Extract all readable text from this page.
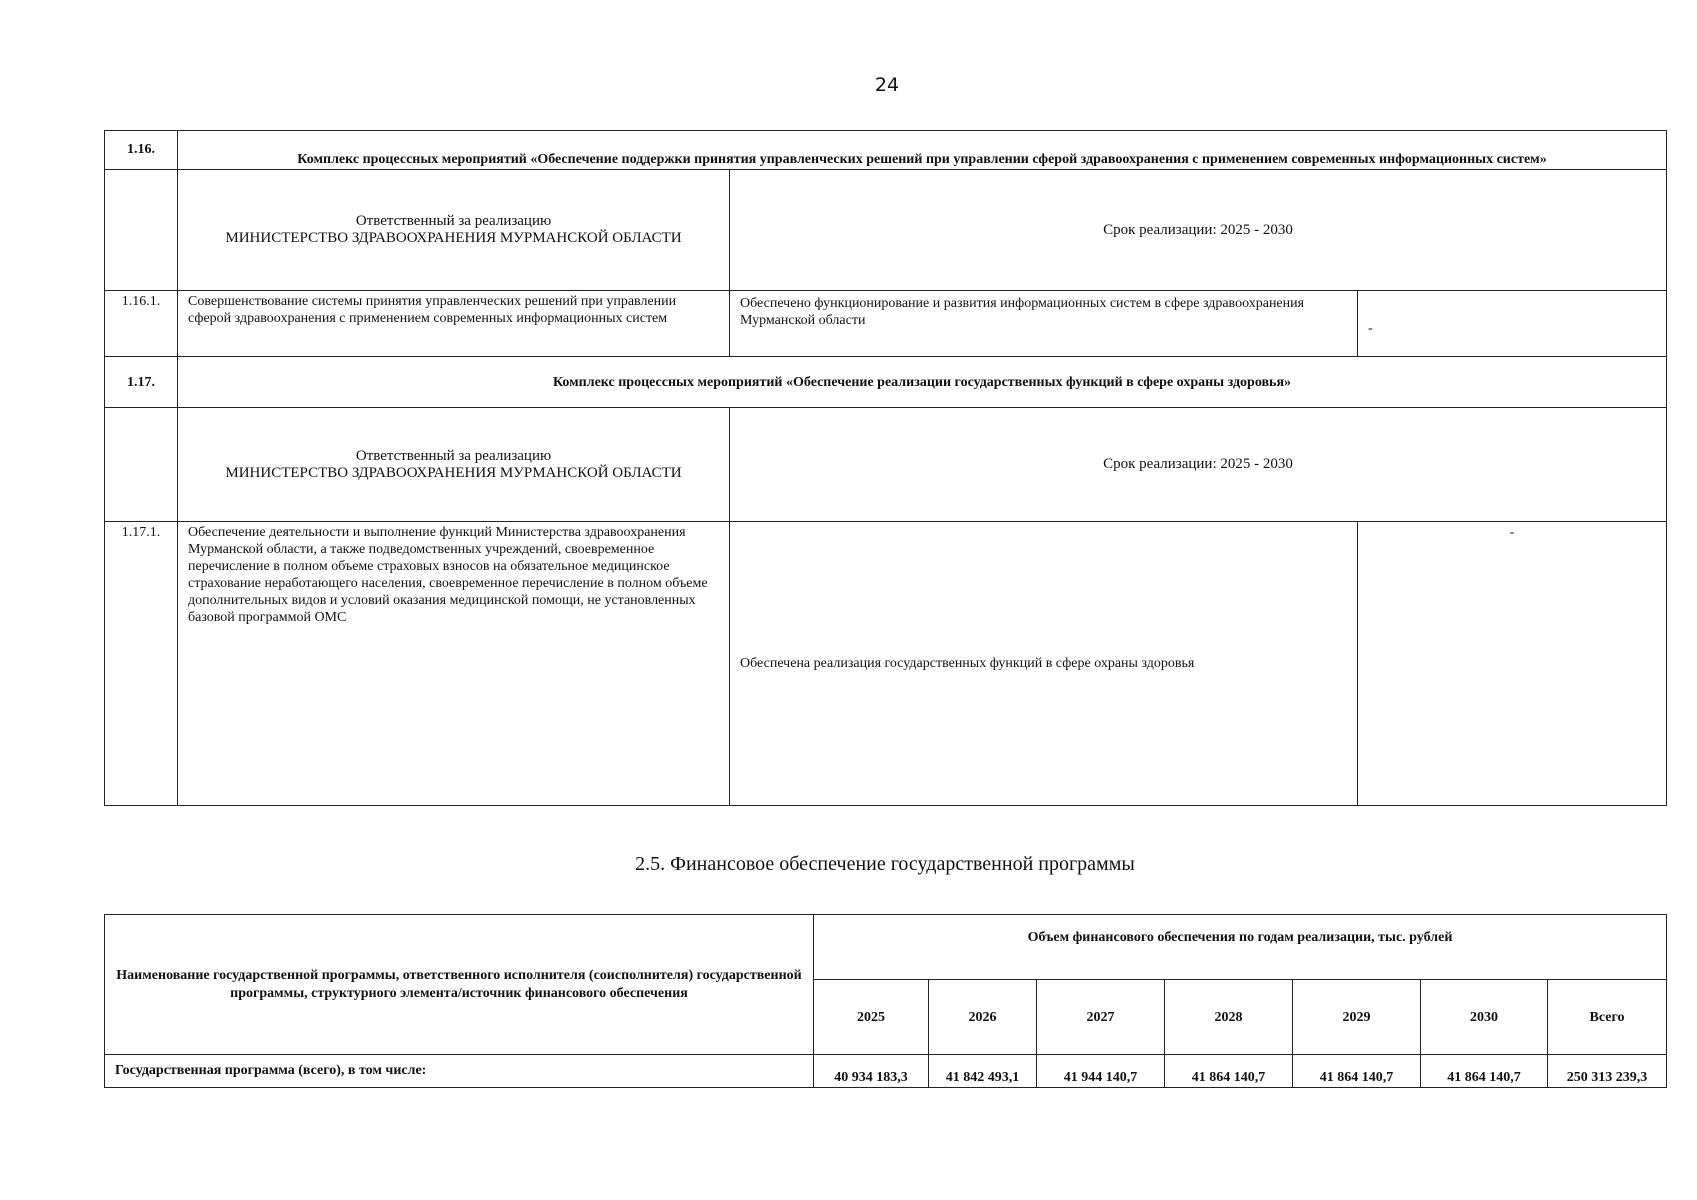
24
1.16.	Комплекс процессных мероприятий «Обеспечение поддержки принятия управленческих решений при управлении сферой здравоохранения с применением современных информационных систем»		

	Ответственный за реализацию
МИНИСТЕРСТВО ЗДРАВООХРАНЕНИЯ МУРМАНСКОЙ ОБЛАСТИ	Срок реализации: 2025 - 2030	
1.16.1.	Совершенствование системы принятия управленческих решений при управлении сферой здравоохранения с применением современных информационных систем	Обеспечено функционирование и развития информационных систем в сфере здравоохранения Мурманской области	-
1.17.	Комплекс процессных мероприятий «Обеспечение реализации государственных функций в сфере охраны здоровья»		

	Ответственный за реализацию
МИНИСТЕРСТВО ЗДРАВООХРАНЕНИЯ МУРМАНСКОЙ ОБЛАСТИ	Срок реализации: 2025 - 2030	
1.17.1.	Обеспечение деятельности и выполнение функций Министерства здравоохранения Мурманской области, а также подведомственных учреждений, своевременное перечисление в полном объеме страховых взносов на обязательное медицинское страхование неработающего населения, своевременное перечисление в полном объеме дополнительных видов и условий оказания медицинской помощи, не установленных базовой программой ОМС	Обеспечена реализация государственных функций в сфере охраны здоровья	-
2.5. Финансовое обеспечение государственной программы
Наименование государственной программы, ответственного исполнителя (соисполнителя) государственной программы, структурного элемента/источник финансового обеспечения	Объем финансового обеспечения по годам реализации, тыс. рублей						
	2025	2026	2027	2028	2029	2030	Всего
Государственная программа (всего), в том числе:	40 934 183,3	41 842 493,1	41 944 140,7	41 864 140,7	41 864 140,7	41 864 140,7	250 313 239,3
